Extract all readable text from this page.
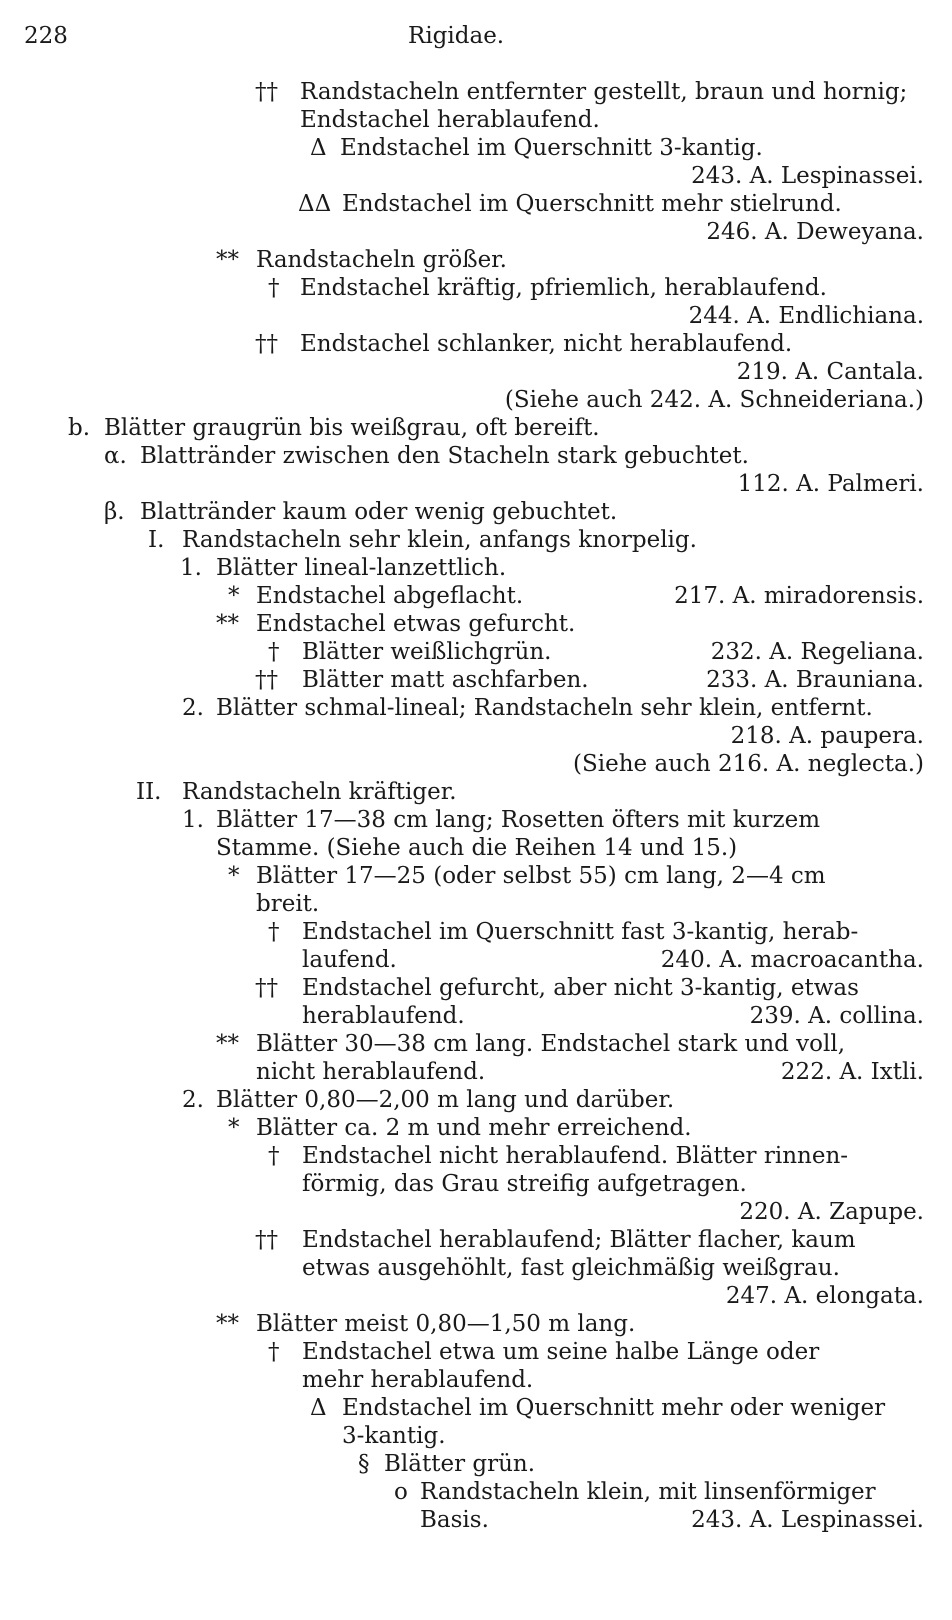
228	Rigidae.
†† Randstacheln entfernter gestellt, braun und hornig;
Endstachel herablaufend.
Δ Endstachel im Querschnitt 3-kantig.
243. A. Lespinassei.
ΔΔ Endstachel im Querschnitt mehr stielrund.
246. A. Deweyana.
** Randstacheln größer.
† Endstachel kräftig, pfriemlich, herablaufend.
244. A. Endlichiana.
†† Endstachel schlanker, nicht herablaufend.
219. A. Cantala.
(Siehe auch 242. A. Schneideriana.)
b. Blätter graugrün bis weißgrau, oft bereift.
α. Blattränder zwischen den Stacheln stark gebuchtet.
112. A. Palmeri.
β. Blattränder kaum oder wenig gebuchtet.
I. Randstacheln sehr klein, anfangs knorpelig.
1. Blätter lineal-lanzettlich.
* Endstachel abgeflacht.	217. A. miradorensis.
** Endstachel etwas gefurcht.
† Blätter weißlichgrün.	232. A. Regeliana.
†† Blätter matt aschfarben.	233. A. Brauniana.
2. Blätter schmal-lineal; Randstacheln sehr klein, entfernt.
218. A. paupera.
(Siehe auch 216. A. neglecta.)
II. Randstacheln kräftiger.
1. Blätter 17—38 cm lang; Rosetten öfters mit kurzem
Stamme. (Siehe auch die Reihen 14 und 15.)
* Blätter 17—25 (oder selbst 55) cm lang, 2—4 cm
breit.
† Endstachel im Querschnitt fast 3-kantig, herab-
laufend.	240. A. macroacantha.
†† Endstachel gefurcht, aber nicht 3-kantig, etwas
herablaufend.	239. A. collina.
** Blätter 30—38 cm lang. Endstachel stark und voll,
nicht herablaufend.	222. A. Ixtli.
2. Blätter 0,80—2,00 m lang und darüber.
* Blätter ca. 2 m und mehr erreichend.
† Endstachel nicht herablaufend. Blätter rinnen-
förmig, das Grau streifig aufgetragen.
220. A. Zapupe.
†† Endstachel herablaufend; Blätter flacher, kaum
etwas ausgehöhlt, fast gleichmäßig weißgrau.
247. A. elongata.
** Blätter meist 0,80—1,50 m lang.
† Endstachel etwa um seine halbe Länge oder
mehr herablaufend.
Δ Endstachel im Querschnitt mehr oder weniger
3-kantig.
§ Blätter grün.
o Randstacheln klein, mit linsenförmiger
Basis.	243. A. Lespinassei.
